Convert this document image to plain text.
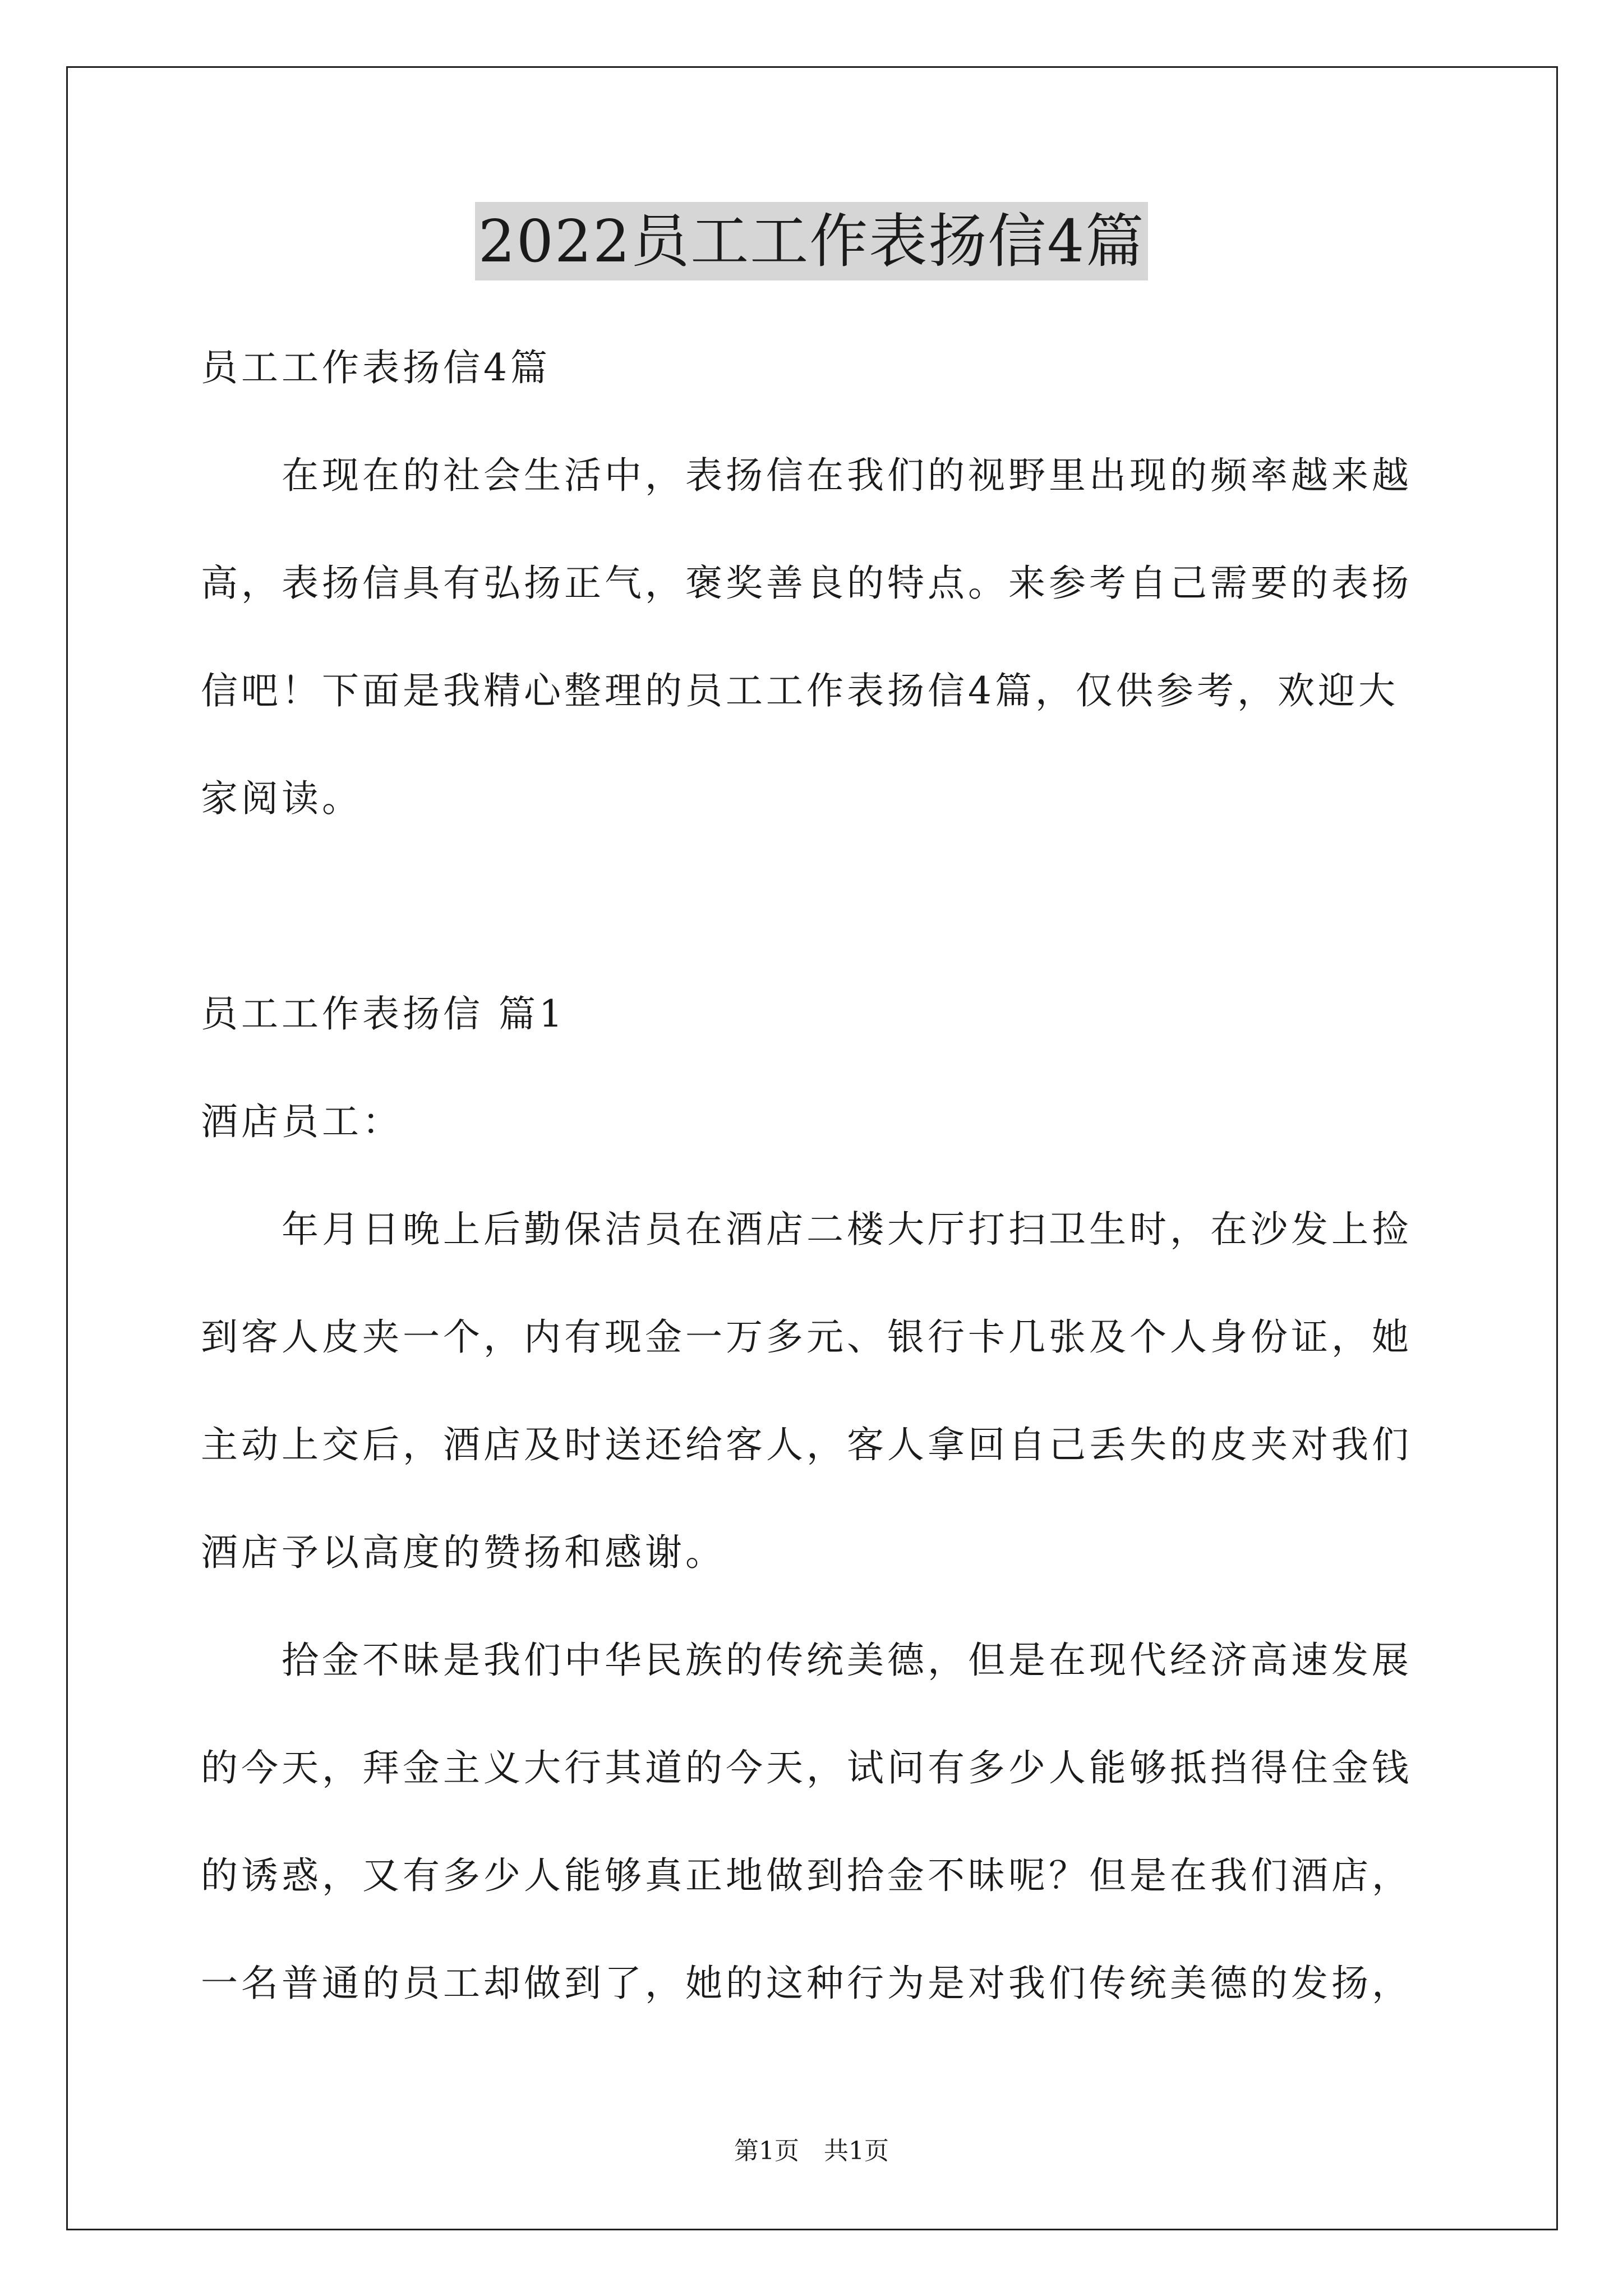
2022员工工作表扬信4篇
员工工作表扬信4篇
在现在的社会生活中，表扬信在我们的视野里出现的频率越来越
高，表扬信具有弘扬正气，褒奖善良的特点。来参考自己需要的表扬
信吧！下面是我精心整理的员工工作表扬信4篇，仅供参考，欢迎大
家阅读。
员工工作表扬信 篇1
酒店员工：
年月日晚上后勤保洁员在酒店二楼大厅打扫卫生时，在沙发上捡
到客人皮夹一个，内有现金一万多元、银行卡几张及个人身份证，她
主动上交后，酒店及时送还给客人，客人拿回自己丢失的皮夹对我们
酒店予以高度的赞扬和感谢。
拾金不昧是我们中华民族的传统美德，但是在现代经济高速发展
的今天，拜金主义大行其道的今天，试问有多少人能够抵挡得住金钱
的诱惑，又有多少人能够真正地做到拾金不昧呢？但是在我们酒店，
一名普通的员工却做到了，她的这种行为是对我们传统美德的发扬，
第1页　共1页
